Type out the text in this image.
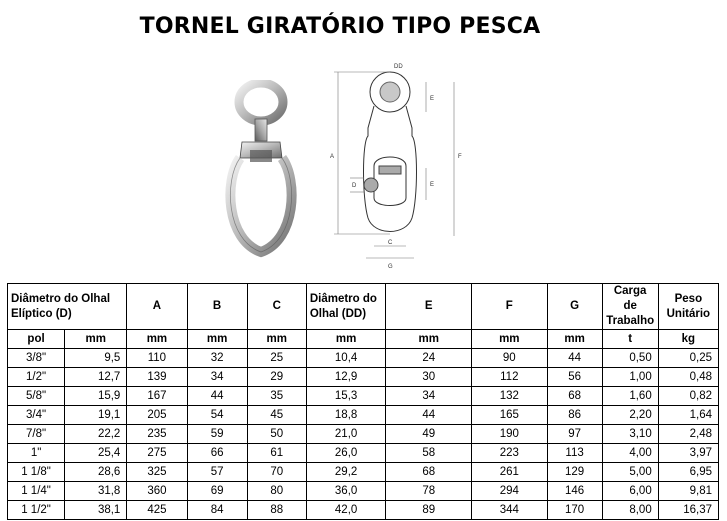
TORNEL GIRATÓRIO TIPO PESCA
DD
E
A	F
D	E
C
G
Diâmetro do Olhal Elíptico (D)		A	B	C	Diâmetro do Olhal (DD)	E	F	G	Carga de Trabalho	Peso Unitário
pol	mm	mm	mm	mm	mm	mm	mm	mm	t	kg
3/8"	9,5	110	32	25	10,4	24	90	44	0,50	0,25
1/2"	12,7	139	34	29	12,9	30	112	56	1,00	0,48
5/8"	15,9	167	44	35	15,3	34	132	68	1,60	0,82
3/4"	19,1	205	54	45	18,8	44	165	86	2,20	1,64
7/8"	22,2	235	59	50	21,0	49	190	97	3,10	2,48
1"	25,4	275	66	61	26,0	58	223	113	4,00	3,97
1 1/8"	28,6	325	57	70	29,2	68	261	129	5,00	6,95
1 1/4"	31,8	360	69	80	36,0	78	294	146	6,00	9,81
1 1/2"	38,1	425	84	88	42,0	89	344	170	8,00	16,37
